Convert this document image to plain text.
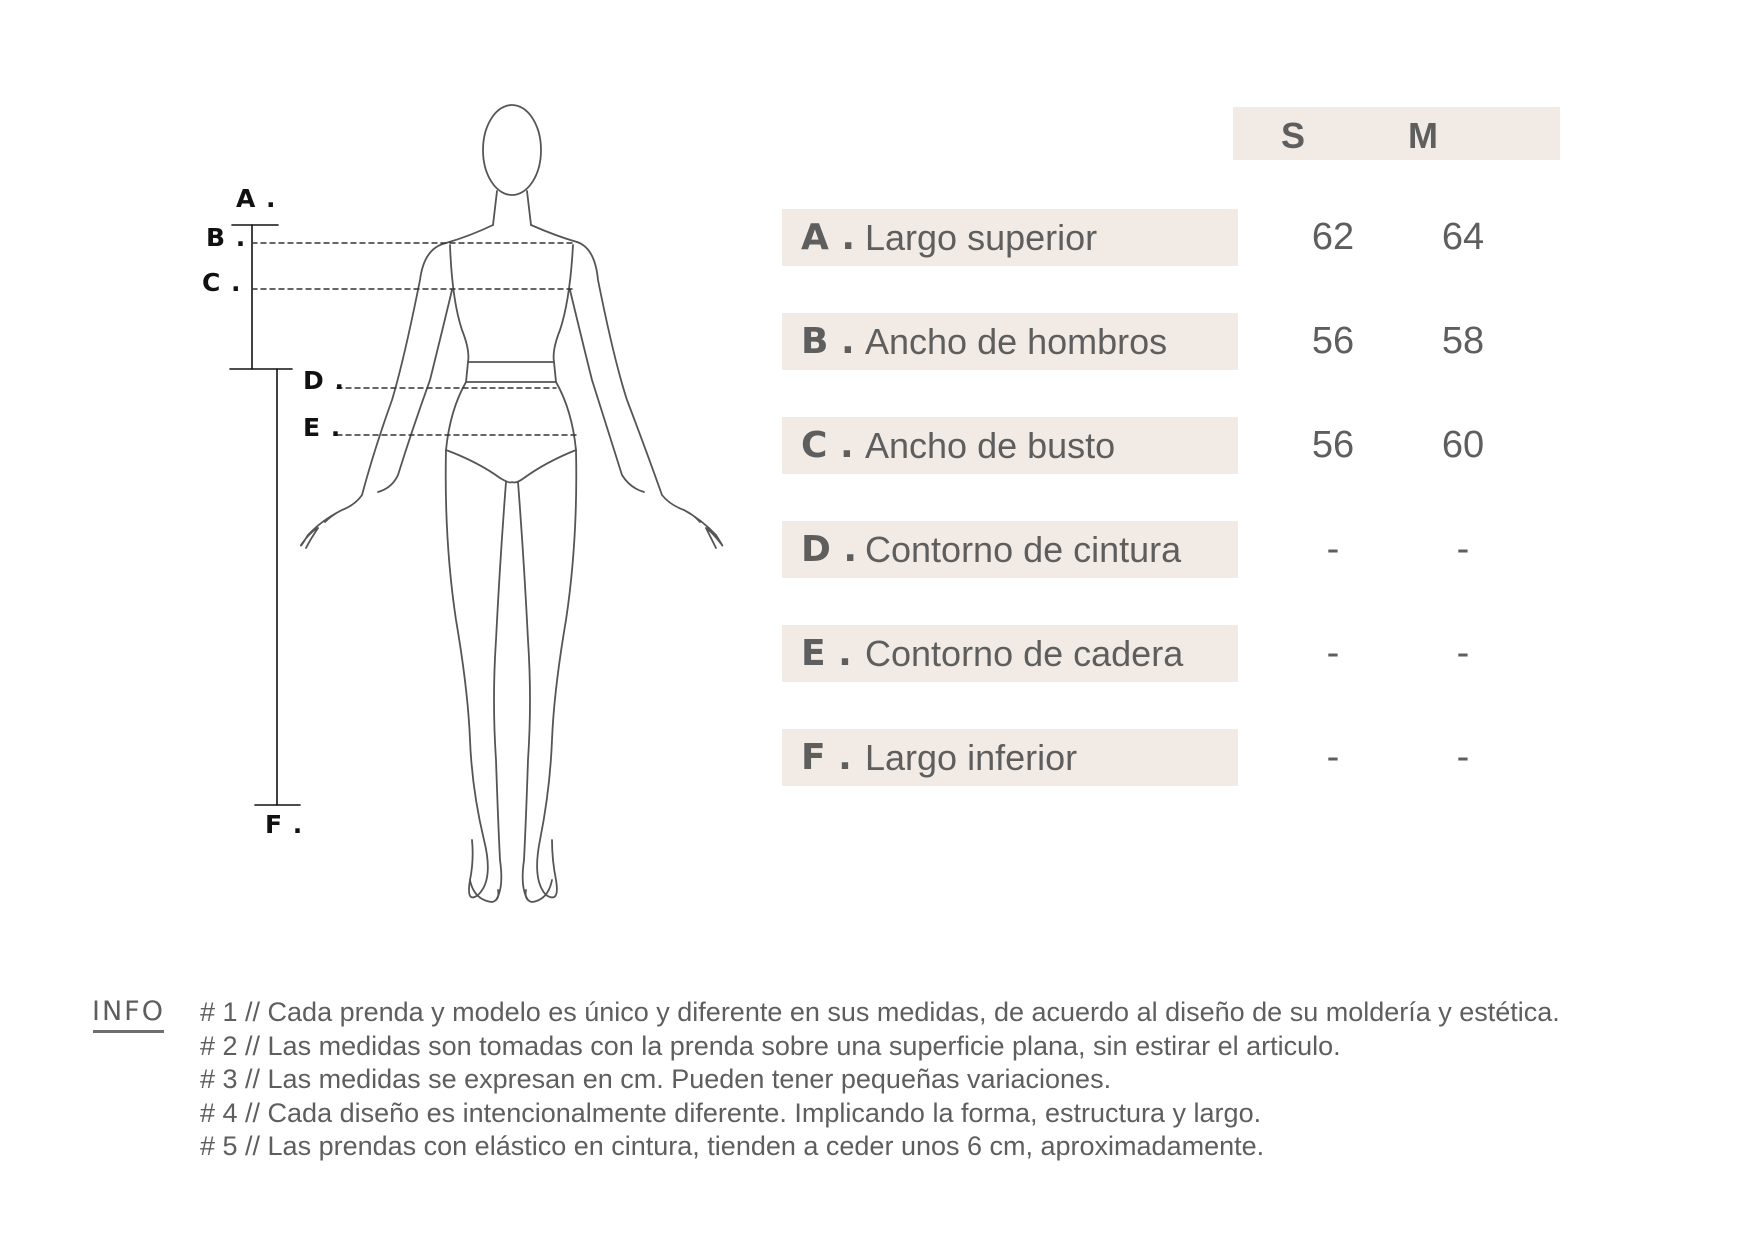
A .
B .
C .
D .
E .
F .
S	M
A . Largo superior	62	64
B . Ancho de hombros	56	58
C . Ancho de busto	56	60
D . Contorno de cintura	-	-
E . Contorno de cadera	-	-
F . Largo inferior	-	-
INFO # 1 // Cada prenda y modelo es único y diferente en sus medidas, de acuerdo al diseño de su moldería y estética.
# 2 // Las medidas son tomadas con la prenda sobre una superficie plana, sin estirar el articulo.
# 3 // Las medidas se expresan en cm. Pueden tener pequeñas variaciones.
# 4 // Cada diseño es intencionalmente diferente. Implicando la forma, estructura y largo.
# 5 // Las prendas con elástico en cintura, tienden a ceder unos 6 cm, aproximadamente.
